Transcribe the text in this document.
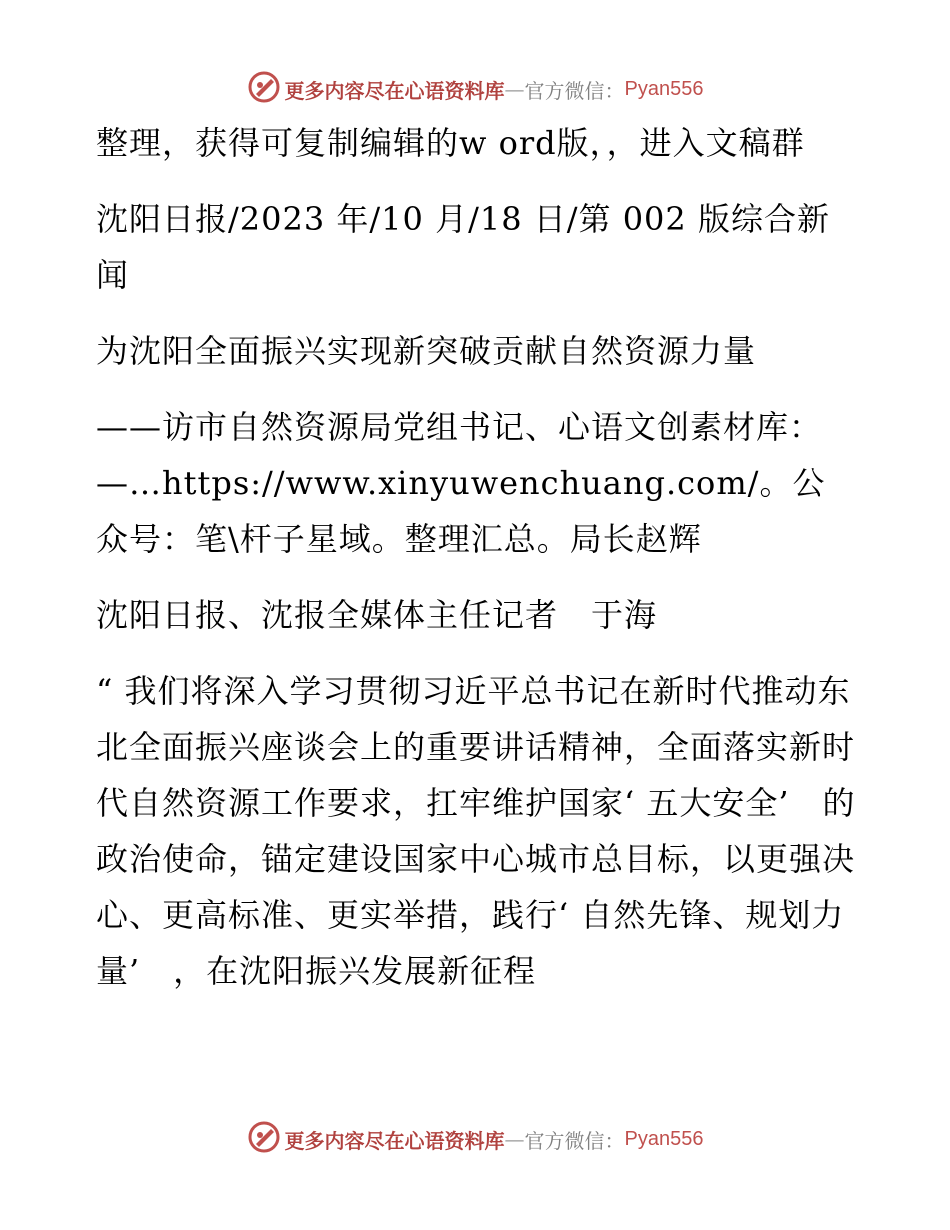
更多内容尽在心语资料库 — 官方微信： Pyan556

整理，获得可复制编辑的w ord版，，进入文稿群

沈阳日报/2023 年/10 月/18 日/第 002 版综合新闻

为沈阳全面振兴实现新突破贡献自然资源力量

——访市自然资源局党组书记、心语文创素材库：—…https://www.xinyuwenchuang.com/。公众号：笔\杆子星域。整理汇总。局长赵辉

沈阳日报、沈报全媒体主任记者　于海

“ 我们将深入学习贯彻习近平总书记在新时代推动东北全面振兴座谈会上的重要讲话精神，全面落实新时代自然资源工作要求，扛牢维护国家‘ 五大安全’　的政治使命，锚定建设国家中心城市总目标，以更强决心、更高标准、更实举措，践行‘ 自然先锋、规划力量’　，在沈阳振兴发展新征程

更多内容尽在心语资料库 — 官方微信： Pyan556
